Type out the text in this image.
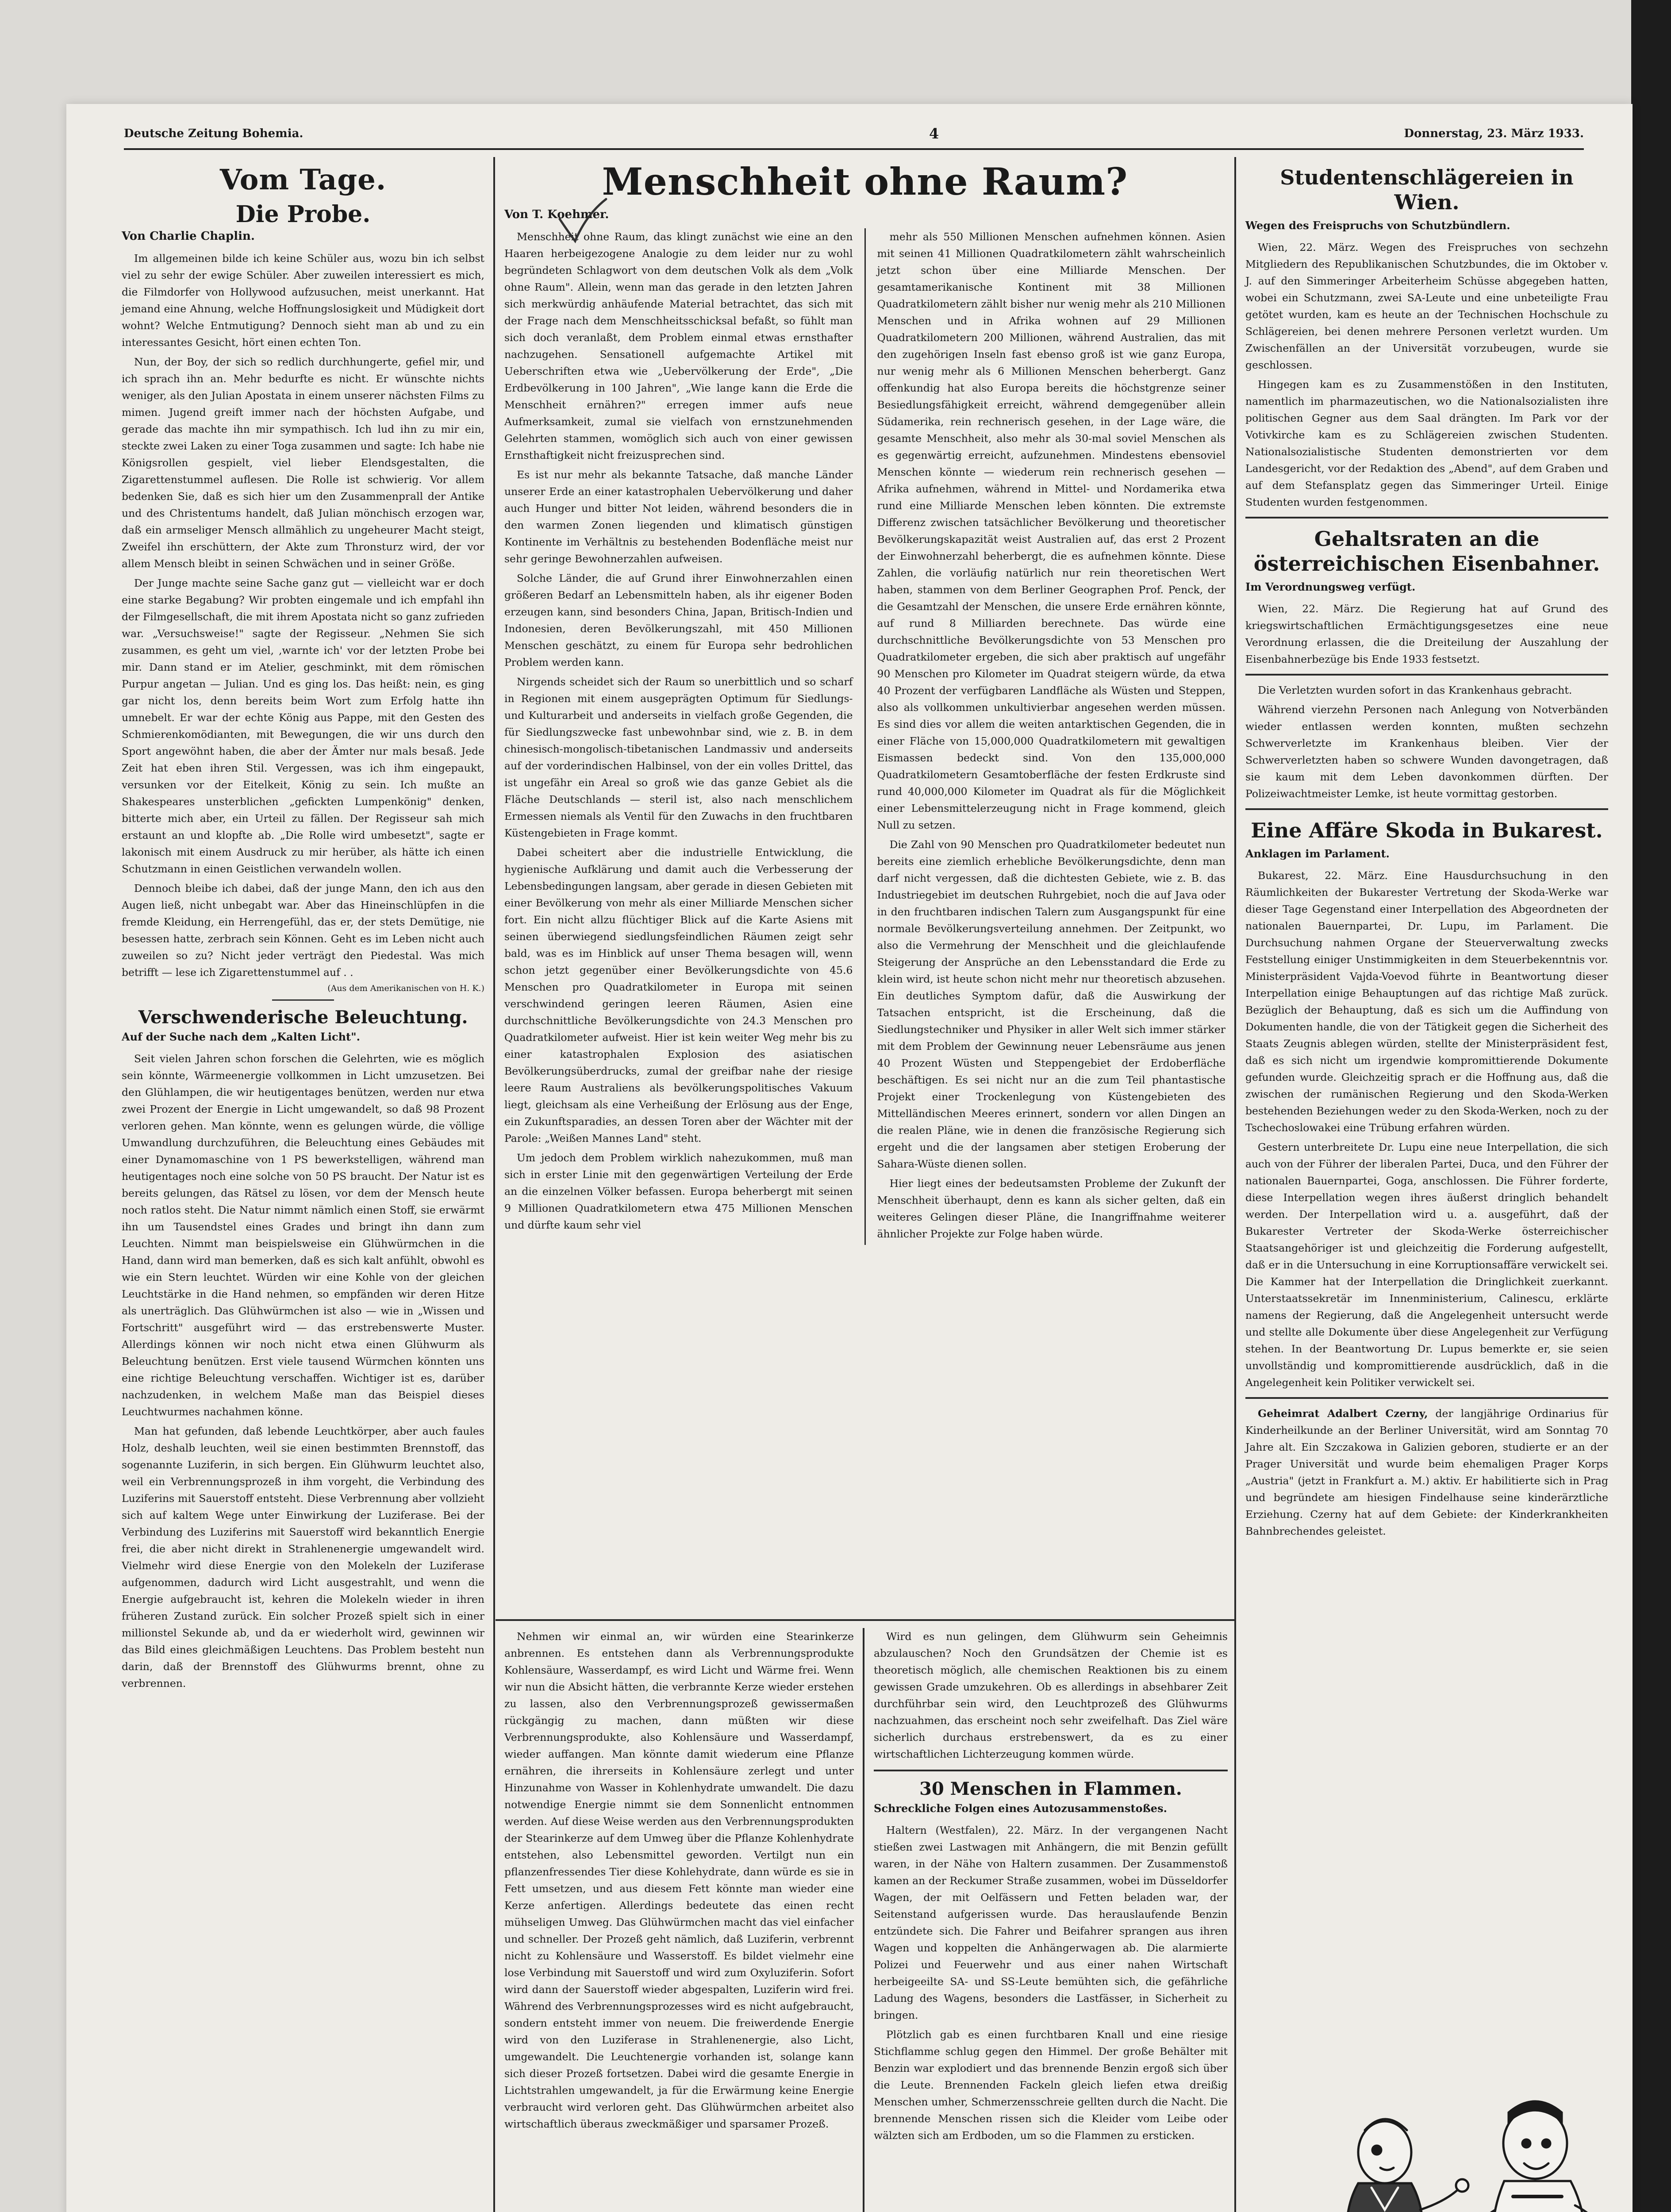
Deutsche Zeitung Bohemia.	4	Donnerstag, 23. März 1933.
Vom Tage.
Die Probe.
Von Charlie Chaplin.

Im allgemeinen bilde ich keine Schüler aus, wozu bin ich selbst viel zu sehr der ewige Schüler. Aber zuweilen interessiert es mich, die Filmdorfer von Hollywood aufzusuchen, meist unerkannt. Hat jemand eine Ahnung, welche Hoffnungslosigkeit und Müdigkeit dort wohnt? Welche Entmutigung? Dennoch sieht man ab und zu ein interessantes Gesicht, hört einen echten Ton.

Nun, der Boy, der sich so redlich durchhungerte, gefiel mir, und ich sprach ihn an. Mehr bedurfte es nicht. Er wünschte nichts weniger, als den Julian Apostata in einem unserer nächsten Films zu mimen. Jugend greift immer nach der höchsten Aufgabe, und gerade das machte ihn mir sympathisch. Ich lud ihn zu mir ein, steckte zwei Laken zu einer Toga zusammen und sagte: Ich habe nie Königsrollen gespielt, viel lieber Elendsgestalten, die Zigarettenstummel auflesen. Die Rolle ist schwierig. Vor allem bedenken Sie, daß es sich hier um den Zusammenprall der Antike und des Christentums handelt, daß Julian mönchisch erzogen war, daß ein armseliger Mensch allmählich zu ungeheurer Macht steigt, Zweifel ihn erschüttern, der Akte zum Thronsturz wird, der vor allem Mensch bleibt in seinen Schwächen und in seiner Größe.

Der Junge machte seine Sache ganz gut — vielleicht war er doch eine starke Begabung? Wir probten eingemale und ich empfahl ihn der Filmgesellschaft, die mit ihrem Apostata nicht so ganz zufrieden war. „Versuchsweise!" sagte der Regisseur. „Nehmen Sie sich zusammen, es geht um viel, ‚warnte ich' vor der letzten Probe bei mir. Dann stand er im Atelier, geschminkt, mit dem römischen Purpur angetan — Julian. Und es ging los. Das heißt: nein, es ging gar nicht los, denn bereits beim Wort zum Erfolg hatte ihn umnebelt. Er war der echte König aus Pappe, mit den Gesten des Schmierenkomödianten, mit Bewegungen, die wir uns durch den Sport angewöhnt haben, die aber der Ämter nur mals besaß. Jede Zeit hat eben ihren Stil. Vergessen, was ich ihm eingepaukt, versunken vor der Eitelkeit, König zu sein. Ich mußte an Shakespeares unsterblichen „gefickten Lumpenkönig" denken, bitterte mich aber, ein Urteil zu fällen. Der Regisseur sah mich erstaunt an und klopfte ab. „Die Rolle wird umbesetzt", sagte er lakonisch mit einem Ausdruck zu mir herüber, als hätte ich einen Schutzmann in einen Geistlichen verwandeln wollen.

Dennoch bleibe ich dabei, daß der junge Mann, den ich aus den Augen ließ, nicht unbegabt war. Aber das Hineinschlüpfen in die fremde Kleidung, ein Herrengefühl, das er, der stets Demütige, nie besessen hatte, zerbrach sein Können. Geht es im Leben nicht auch zuweilen so zu? Nicht jeder verträgt den Piedestal. Was mich betrifft — lese ich Zigarettenstummel auf . .

(Aus dem Amerikanischen von H. K.)
Verschwenderische Beleuchtung.
Auf der Suche nach dem „Kalten Licht".

Seit vielen Jahren schon forschen die Gelehrten, wie es möglich sein könnte, Wärmeenergie vollkommen in Licht umzusetzen. Bei den Glühlampen, die wir heutigentages benützen, werden nur etwa zwei Prozent der Energie in Licht umgewandelt, so daß 98 Prozent verloren gehen. Man könnte, wenn es gelungen würde, die völlige Umwandlung durchzuführen, die Beleuchtung eines Gebäudes mit einer Dynamomaschine von 1 PS bewerkstelligen, während man heutigentages noch eine solche von 50 PS braucht. Der Natur ist es bereits gelungen, das Rätsel zu lösen, vor dem der Mensch heute noch ratlos steht. Die Natur nimmt nämlich einen Stoff, sie erwärmt ihn um Tausendstel eines Grades und bringt ihn dann zum Leuchten. Nimmt man beispielsweise ein Glühwürmchen in die Hand, dann wird man bemerken, daß es sich kalt anfühlt, obwohl es wie ein Stern leuchtet. Würden wir eine Kohle von der gleichen Leuchtstärke in die Hand nehmen, so empfänden wir deren Hitze als unerträglich. Das Glühwürmchen ist also — wie in „Wissen und Fortschritt" ausgeführt wird — das erstrebenswerte Muster. Allerdings können wir noch nicht etwa einen Glühwurm als Beleuchtung benützen. Erst viele tausend Würmchen könnten uns eine richtige Beleuchtung verschaffen. Wichtiger ist es, darüber nachzudenken, in welchem Maße man das Beispiel dieses Leuchtwurmes nachahmen könne.

Man hat gefunden, daß lebende Leuchtkörper, aber auch faules Holz, deshalb leuchten, weil sie einen bestimmten Brennstoff, das sogenannte Luziferin, in sich bergen. Ein Glühwurm leuchtet also, weil ein Verbrennungsprozeß in ihm vorgeht, die Verbindung des Luziferins mit Sauerstoff entsteht. Diese Verbrennung aber vollzieht sich auf kaltem Wege unter Einwirkung der Luziferase. Bei der Verbindung des Luziferins mit Sauerstoff wird bekanntlich Energie frei, die aber nicht direkt in Strahlenenergie umgewandelt wird. Vielmehr wird diese Energie von den Molekeln der Luziferase aufgenommen, dadurch wird Licht ausgestrahlt, und wenn die Energie aufgebraucht ist, kehren die Molekeln wieder in ihren früheren Zustand zurück. Ein solcher Prozeß spielt sich in einer millionstel Sekunde ab, und da er wiederholt wird, gewinnen wir das Bild eines gleichmäßigen Leuchtens. Das Problem besteht nun darin, daß der Brennstoff des Glühwurms brennt, ohne zu verbrennen.

Menschheit ohne Raum?
Von T. Koehmer.

Menschheit ohne Raum, das klingt zunächst wie eine an den Haaren herbeigezogene Analogie zu dem leider nur zu wohl begründeten Schlagwort von dem deutschen Volk als dem „Volk ohne Raum". Allein, wenn man das gerade in den letzten Jahren sich merkwürdig anhäufende Material betrachtet, das sich mit der Frage nach dem Menschheitsschicksal befaßt, so fühlt man sich doch veranlaßt, dem Problem einmal etwas ernsthafter nachzugehen. Sensationell aufgemachte Artikel mit Ueberschriften etwa wie „Uebervölkerung der Erde", „Die Erdbevölkerung in 100 Jahren", „Wie lange kann die Erde die Menschheit ernähren?" erregen immer aufs neue Aufmerksamkeit, zumal sie vielfach von ernstzunehmenden Gelehrten stammen, womöglich sich auch von einer gewissen Ernsthaftigkeit nicht freizusprechen sind.

Es ist nur mehr als bekannte Tatsache, daß manche Länder unserer Erde an einer katastrophalen Uebervölkerung und daher auch Hunger und bitter Not leiden, während besonders die in den warmen Zonen liegenden und klimatisch günstigen Kontinente im Verhältnis zu bestehenden Bodenfläche meist nur sehr geringe Bewohnerzahlen aufweisen.

Solche Länder, die auf Grund ihrer Einwohnerzahlen einen größeren Bedarf an Lebensmitteln haben, als ihr eigener Boden erzeugen kann, sind besonders China, Japan, Britisch-Indien und Indonesien, deren Bevölkerungszahl, mit 450 Millionen Menschen geschätzt, zu einem für Europa sehr bedrohlichen Problem werden kann.

Nirgends scheidet sich der Raum so unerbittlich und so scharf in Regionen mit einem ausgeprägten Optimum für Siedlungs- und Kulturarbeit und anderseits in vielfach große Gegenden, die für Siedlungszwecke fast unbewohnbar sind, wie z. B. in dem chinesisch-mongolisch-tibetanischen Landmassiv und anderseits auf der vorderindischen Halbinsel, von der ein volles Drittel, das ist ungefähr ein Areal so groß wie das ganze Gebiet als die Fläche Deutschlands — steril ist, also nach menschlichem Ermessen niemals als Ventil für den Zuwachs in den fruchtbaren Küstengebieten in Frage kommt.

Dabei scheitert aber die industrielle Entwicklung, die hygienische Aufklärung und damit auch die Verbesserung der Lebensbedingungen langsam, aber gerade in diesen Gebieten mit einer Bevölkerung von mehr als einer Milliarde Menschen sicher fort. Ein nicht allzu flüchtiger Blick auf die Karte Asiens mit seinen überwiegend siedlungsfeindlichen Räumen zeigt sehr bald, was es im Hinblick auf unser Thema besagen will, wenn schon jetzt gegenüber einer Bevölkerungsdichte von 45.6 Menschen pro Quadratkilometer in Europa mit seinen verschwindend geringen leeren Räumen, Asien eine durchschnittliche Bevölkerungsdichte von 24.3 Menschen pro Quadratkilometer aufweist. Hier ist kein weiter Weg mehr bis zu einer katastrophalen Explosion des asiatischen Bevölkerungsüberdrucks, zumal der greifbar nahe der riesige leere Raum Australiens als bevölkerungspolitisches Vakuum liegt, gleichsam als eine Verheißung der Erlösung aus der Enge, ein Zukunftsparadies, an dessen Toren aber der Wächter mit der Parole: „Weißen Mannes Land" steht.

Um jedoch dem Problem wirklich nahezukommen, muß man sich in erster Linie mit den gegenwärtigen Verteilung der Erde an die einzelnen Völker befassen. Europa beherbergt mit seinen 9 Millionen Quadratkilometern etwa 475 Millionen Menschen und dürfte kaum sehr viel

mehr als 550 Millionen Menschen aufnehmen können. Asien mit seinen 41 Millionen Quadratkilometern zählt wahrscheinlich jetzt schon über eine Milliarde Menschen. Der gesamtamerikanische Kontinent mit 38 Millionen Quadratkilometern zählt bisher nur wenig mehr als 210 Millionen Menschen und in Afrika wohnen auf 29 Millionen Quadratkilometern 200 Millionen, während Australien, das mit den zugehörigen Inseln fast ebenso groß ist wie ganz Europa, nur wenig mehr als 6 Millionen Menschen beherbergt. Ganz offenkundig hat also Europa bereits die höchstgrenze seiner Besiedlungsfähigkeit erreicht, während demgegenüber allein Südamerika, rein rechnerisch gesehen, in der Lage wäre, die gesamte Menschheit, also mehr als 30-mal soviel Menschen als es gegenwärtig erreicht, aufzunehmen. Mindestens ebensoviel Menschen könnte — wiederum rein rechnerisch gesehen — Afrika aufnehmen, während in Mittel- und Nordamerika etwa rund eine Milliarde Menschen leben könnten. Die extremste Differenz zwischen tatsächlicher Bevölkerung und theoretischer Bevölkerungskapazität weist Australien auf, das erst 2 Prozent der Einwohnerzahl beherbergt, die es aufnehmen könnte. Diese Zahlen, die vorläufig natürlich nur rein theoretischen Wert haben, stammen von dem Berliner Geographen Prof. Penck, der die Gesamtzahl der Menschen, die unsere Erde ernähren könnte, auf rund 8 Milliarden berechnete. Das würde eine durchschnittliche Bevölkerungsdichte von 53 Menschen pro Quadratkilometer ergeben, die sich aber praktisch auf ungefähr 90 Menschen pro Kilometer im Quadrat steigern würde, da etwa 40 Prozent der verfügbaren Landfläche als Wüsten und Steppen, also als vollkommen unkultivierbar angesehen werden müssen. Es sind dies vor allem die weiten antarktischen Gegenden, die in einer Fläche von 15,000,000 Quadratkilometern mit gewaltigen Eismassen bedeckt sind. Von den 135,000,000 Quadratkilometern Gesamtoberfläche der festen Erdkruste sind rund 40,000,000 Kilometer im Quadrat als für die Möglichkeit einer Lebensmittelerzeugung nicht in Frage kommend, gleich Null zu setzen.

Die Zahl von 90 Menschen pro Quadratkilometer bedeutet nun bereits eine ziemlich erhebliche Bevölkerungsdichte, denn man darf nicht vergessen, daß die dichtesten Gebiete, wie z. B. das Industriegebiet im deutschen Ruhrgebiet, noch die auf Java oder in den fruchtbaren indischen Talern zum Ausgangspunkt für eine normale Bevölkerungsverteilung annehmen. Der Zeitpunkt, wo also die Vermehrung der Menschheit und die gleichlaufende Steigerung der Ansprüche an den Lebensstandard die Erde zu klein wird, ist heute schon nicht mehr nur theoretisch abzusehen. Ein deutliches Symptom dafür, daß die Auswirkung der Tatsachen entspricht, ist die Erscheinung, daß die Siedlungstechniker und Physiker in aller Welt sich immer stärker mit dem Problem der Gewinnung neuer Lebensräume aus jenen 40 Prozent Wüsten und Steppengebiet der Erdoberfläche beschäftigen. Es sei nicht nur an die zum Teil phantastische Projekt einer Trockenlegung von Küstengebieten des Mittelländischen Meeres erinnert, sondern vor allen Dingen an die realen Pläne, wie in denen die französische Regierung sich ergeht und die der langsamen aber stetigen Eroberung der Sahara-Wüste dienen sollen.

Hier liegt eines der bedeutsamsten Probleme der Zukunft der Menschheit überhaupt, denn es kann als sicher gelten, daß ein weiteres Gelingen dieser Pläne, die Inangriffnahme weiterer ähnlicher Projekte zur Folge haben würde.

Nehmen wir einmal an, wir würden eine Stearinkerze anbrennen. Es entstehen dann als Verbrennungsprodukte Kohlensäure, Wasserdampf, es wird Licht und Wärme frei. Wenn wir nun die Absicht hätten, die verbrannte Kerze wieder erstehen zu lassen, also den Verbrennungsprozeß gewissermaßen rückgängig zu machen, dann müßten wir diese Verbrennungsprodukte, also Kohlensäure und Wasserdampf, wieder auffangen. Man könnte damit wiederum eine Pflanze ernähren, die ihrerseits in Kohlensäure zerlegt und unter Hinzunahme von Wasser in Kohlenhydrate umwandelt. Die dazu notwendige Energie nimmt sie dem Sonnenlicht entnommen werden. Auf diese Weise werden aus den Verbrennungsprodukten der Stearinkerze auf dem Umweg über die Pflanze Kohlenhydrate entstehen, also Lebensmittel geworden. Vertilgt nun ein pflanzenfressendes Tier diese Kohlehydrate, dann würde es sie in Fett umsetzen, und aus diesem Fett könnte man wieder eine Kerze anfertigen. Allerdings bedeutete das einen recht mühseligen Umweg. Das Glühwürmchen macht das viel einfacher und schneller. Der Prozeß geht nämlich, daß Luziferin, verbrennt nicht zu Kohlensäure und Wasserstoff. Es bildet vielmehr eine lose Verbindung mit Sauerstoff und wird zum Oxyluziferin. Sofort wird dann der Sauerstoff wieder abgespalten, Luziferin wird frei. Während des Verbrennungsprozesses wird es nicht aufgebraucht, sondern entsteht immer von neuem. Die freiwerdende Energie wird von den Luziferase in Strahlenenergie, also Licht, umgewandelt. Die Leuchtenergie vorhanden ist, solange kann sich dieser Prozeß fortsetzen. Dabei wird die gesamte Energie in Lichtstrahlen umgewandelt, ja für die Erwärmung keine Energie verbraucht wird verloren geht. Das Glühwürmchen arbeitet also wirtschaftlich überaus zweckmäßiger und sparsamer Prozeß.

Wird es nun gelingen, dem Glühwurm sein Geheimnis abzulauschen? Noch den Grundsätzen der Chemie ist es theoretisch möglich, alle chemischen Reaktionen bis zu einem gewissen Grade umzukehren. Ob es allerdings in absehbarer Zeit durchführbar sein wird, den Leuchtprozeß des Glühwurms nachzuahmen, das erscheint noch sehr zweifelhaft. Das Ziel wäre sicherlich durchaus erstrebenswert, da es zu einer wirtschaftlichen Lichterzeugung kommen würde.

30 Menschen in Flammen.
Schreckliche Folgen eines Autozusammenstoßes.

Haltern (Westfalen), 22. März. In der vergangenen Nacht stießen zwei Lastwagen mit Anhängern, die mit Benzin gefüllt waren, in der Nähe von Haltern zusammen. Der Zusammenstoß kamen an der Reckumer Straße zusammen, wobei im Düsseldorfer Wagen, der mit Oelfässern und Fetten beladen war, der Seitenstand aufgerissen wurde. Das herauslaufende Benzin entzündete sich. Die Fahrer und Beifahrer sprangen aus ihren Wagen und koppelten die Anhängerwagen ab. Die alarmierte Polizei und Feuerwehr und aus einer nahen Wirtschaft herbeigeeilte SA- und SS-Leute bemühten sich, die gefährliche Ladung des Wagens, besonders die Lastfässer, in Sicherheit zu bringen.

Plötzlich gab es einen furchtbaren Knall und eine riesige Stichflamme schlug gegen den Himmel. Der große Behälter mit Benzin war explodiert und das brennende Benzin ergoß sich über die Leute. Brennenden Fackeln gleich liefen etwa dreißig Menschen umher, Schmerzensschreie gellten durch die Nacht. Die brennende Menschen rissen sich die Kleider vom Leibe oder wälzten sich am Erdboden, um so die Flammen zu ersticken.

Studentenschlägereien in Wien.
Wegen des Freispruchs von Schutzbündlern.

Wien, 22. März. Wegen des Freispruches von sechzehn Mitgliedern des Republikanischen Schutzbundes, die im Oktober v. J. auf den Simmeringer Arbeiterheim Schüsse abgegeben hatten, wobei ein Schutzmann, zwei SA-Leute und eine unbeteiligte Frau getötet wurden, kam es heute an der Technischen Hochschule zu Schlägereien, bei denen mehrere Personen verletzt wurden. Um Zwischenfällen an der Universität vorzubeugen, wurde sie geschlossen.

Hingegen kam es zu Zusammenstößen in den Instituten, namentlich im pharmazeutischen, wo die Nationalsozialisten ihre politischen Gegner aus dem Saal drängten. Im Park vor der Votivkirche kam es zu Schlägereien zwischen Studenten. Nationalsozialistische Studenten demonstrierten vor dem Landesgericht, vor der Redaktion des „Abend", auf dem Graben und auf dem Stefansplatz gegen das Simmeringer Urteil. Einige Studenten wurden festgenommen.

Gehaltsraten an die österreichischen Eisenbahner.
Im Verordnungsweg verfügt.

Wien, 22. März. Die Regierung hat auf Grund des kriegswirtschaftlichen Ermächtigungsgesetzes eine neue Verordnung erlassen, die die Dreiteilung der Auszahlung der Eisenbahnerbezüge bis Ende 1933 festsetzt.

Die Verletzten wurden sofort in das Krankenhaus gebracht.

Während vierzehn Personen nach Anlegung von Notverbänden wieder entlassen werden konnten, mußten sechzehn Schwerverletzte im Krankenhaus bleiben. Vier der Schwerverletzten haben so schwere Wunden davongetragen, daß sie kaum mit dem Leben davonkommen dürften. Der Polizeiwachtmeister Lemke, ist heute vormittag gestorben.

Eine Affäre Skoda in Bukarest.
Anklagen im Parlament.

Bukarest, 22. März. Eine Hausdurchsuchung in den Räumlichkeiten der Bukarester Vertretung der Skoda-Werke war dieser Tage Gegenstand einer Interpellation des Abgeordneten der nationalen Bauernpartei, Dr. Lupu, im Parlament. Die Durchsuchung nahmen Organe der Steuerverwaltung zwecks Feststellung einiger Unstimmigkeiten in dem Steuerbekenntnis vor. Ministerpräsident Vajda-Voevod führte in Beantwortung dieser Interpellation einige Behauptungen auf das richtige Maß zurück. Bezüglich der Behauptung, daß es sich um die Auffindung von Dokumenten handle, die von der Tätigkeit gegen die Sicherheit des Staats Zeugnis ablegen würden, stellte der Ministerpräsident fest, daß es sich nicht um irgendwie kompromittierende Dokumente gefunden wurde. Gleichzeitig sprach er die Hoffnung aus, daß die zwischen der rumänischen Regierung und den Skoda-Werken bestehenden Beziehungen weder zu den Skoda-Werken, noch zu der Tschechoslowakei eine Trübung erfahren würden.

Gestern unterbreitete Dr. Lupu eine neue Interpellation, die sich auch von der Führer der liberalen Partei, Duca, und den Führer der nationalen Bauernpartei, Goga, anschlossen. Die Führer forderte, diese Interpellation wegen ihres äußerst dringlich behandelt werden. Der Interpellation wird u. a. ausgeführt, daß der Bukarester Vertreter der Skoda-Werke österreichischer Staatsangehöriger ist und gleichzeitig die Forderung aufgestellt, daß er in die Untersuchung in eine Korruptionsaffäre verwickelt sei. Die Kammer hat der Interpellation die Dringlichkeit zuerkannt. Unterstaatssekretär im Innenministerium, Calinescu, erklärte namens der Regierung, daß die Angelegenheit untersucht werde und stellte alle Dokumente über diese Angelegenheit zur Verfügung stehen. In der Beantwortung Dr. Lupus bemerkte er, sie seien unvollständig und kompromittierende ausdrücklich, daß in die Angelegenheit kein Politiker verwickelt sei.

Geheimrat Adalbert Czerny, der langjährige Ordinarius für Kinderheilkunde an der Berliner Universität, wird am Sonntag 70 Jahre alt. Ein Szczakowa in Galizien geboren, studierte er an der Prager Universität und wurde beim ehemaligen Prager Korps „Austria" (jetzt in Frankfurt a. M.) aktiv. Er habilitierte sich in Prag und begründete am hiesigen Findelhause seine kinderärztliche Erziehung. Czerny hat auf dem Gebiete: der Kinderkrankheiten Bahnbrechendes geleistet.
